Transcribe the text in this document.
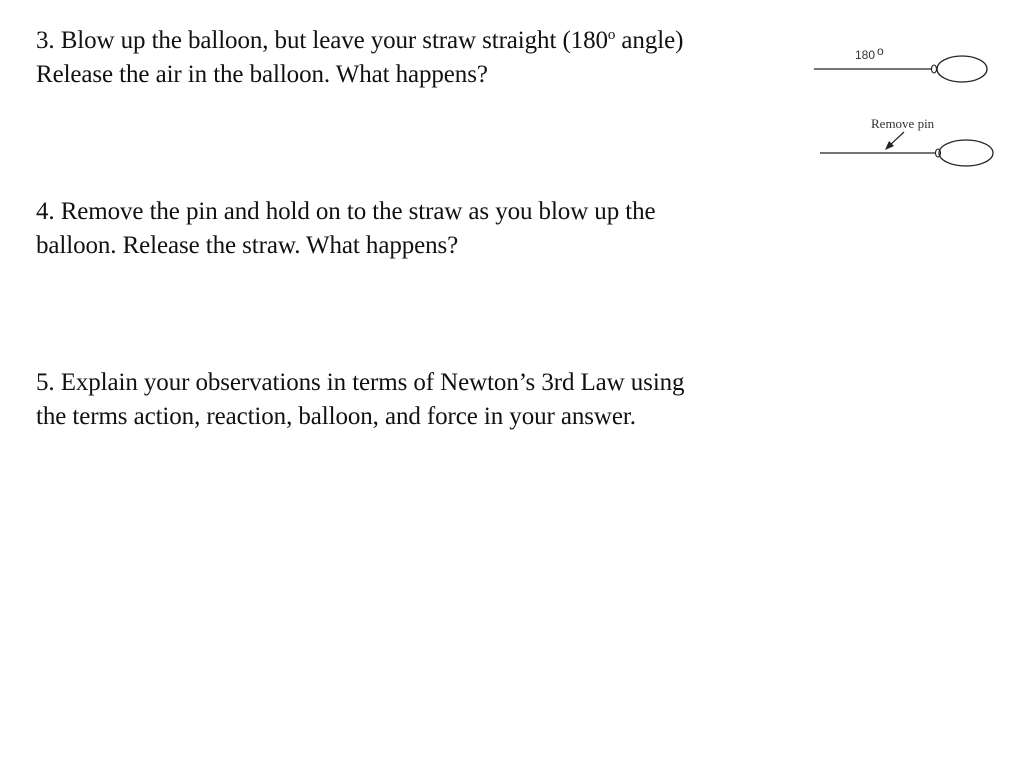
3. Blow up the balloon, but leave your straw straight (180$^o$ angle)
Release the air in the balloon. What happens?

4. Remove the pin and hold on to the straw as you blow up the
balloon. Release the straw. What happens?

5. Explain your observations in terms of Newton’s 3rd Law using
the terms action, reaction, balloon, and force in your answer.

180 o
Remove pin
